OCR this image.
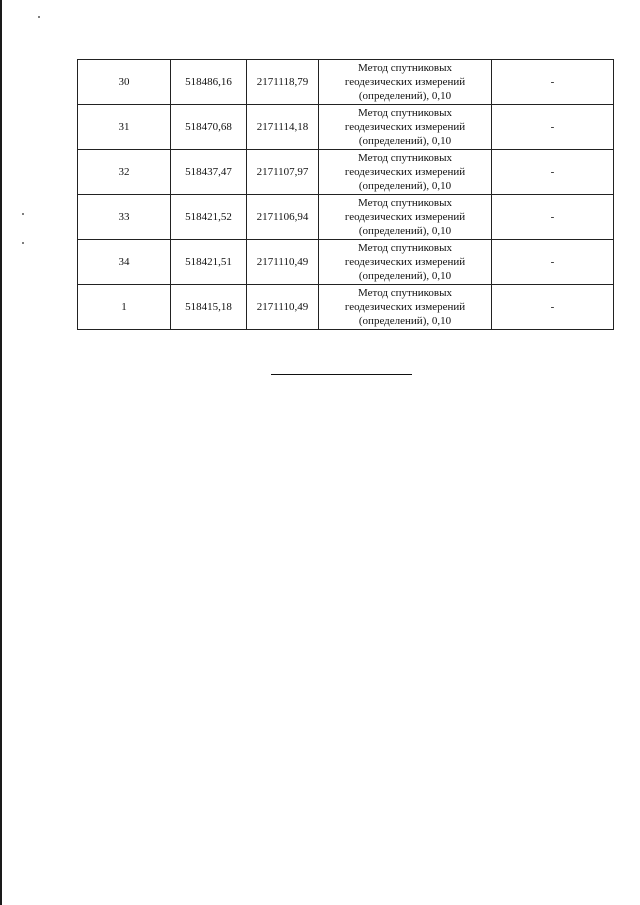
30	518486,16	2171118,79	Метод спутниковых
геодезических измерений
(определений), 0,10	-
31	518470,68	2171114,18	Метод спутниковых
геодезических измерений
(определений), 0,10	-
32	518437,47	2171107,97	Метод спутниковых
геодезических измерений
(определений), 0,10	-
33	518421,52	2171106,94	Метод спутниковых
геодезических измерений
(определений), 0,10	-
34	518421,51	2171110,49	Метод спутниковых
геодезических измерений
(определений), 0,10	-
1	518415,18	2171110,49	Метод спутниковых
геодезических измерений
(определений), 0,10	-
